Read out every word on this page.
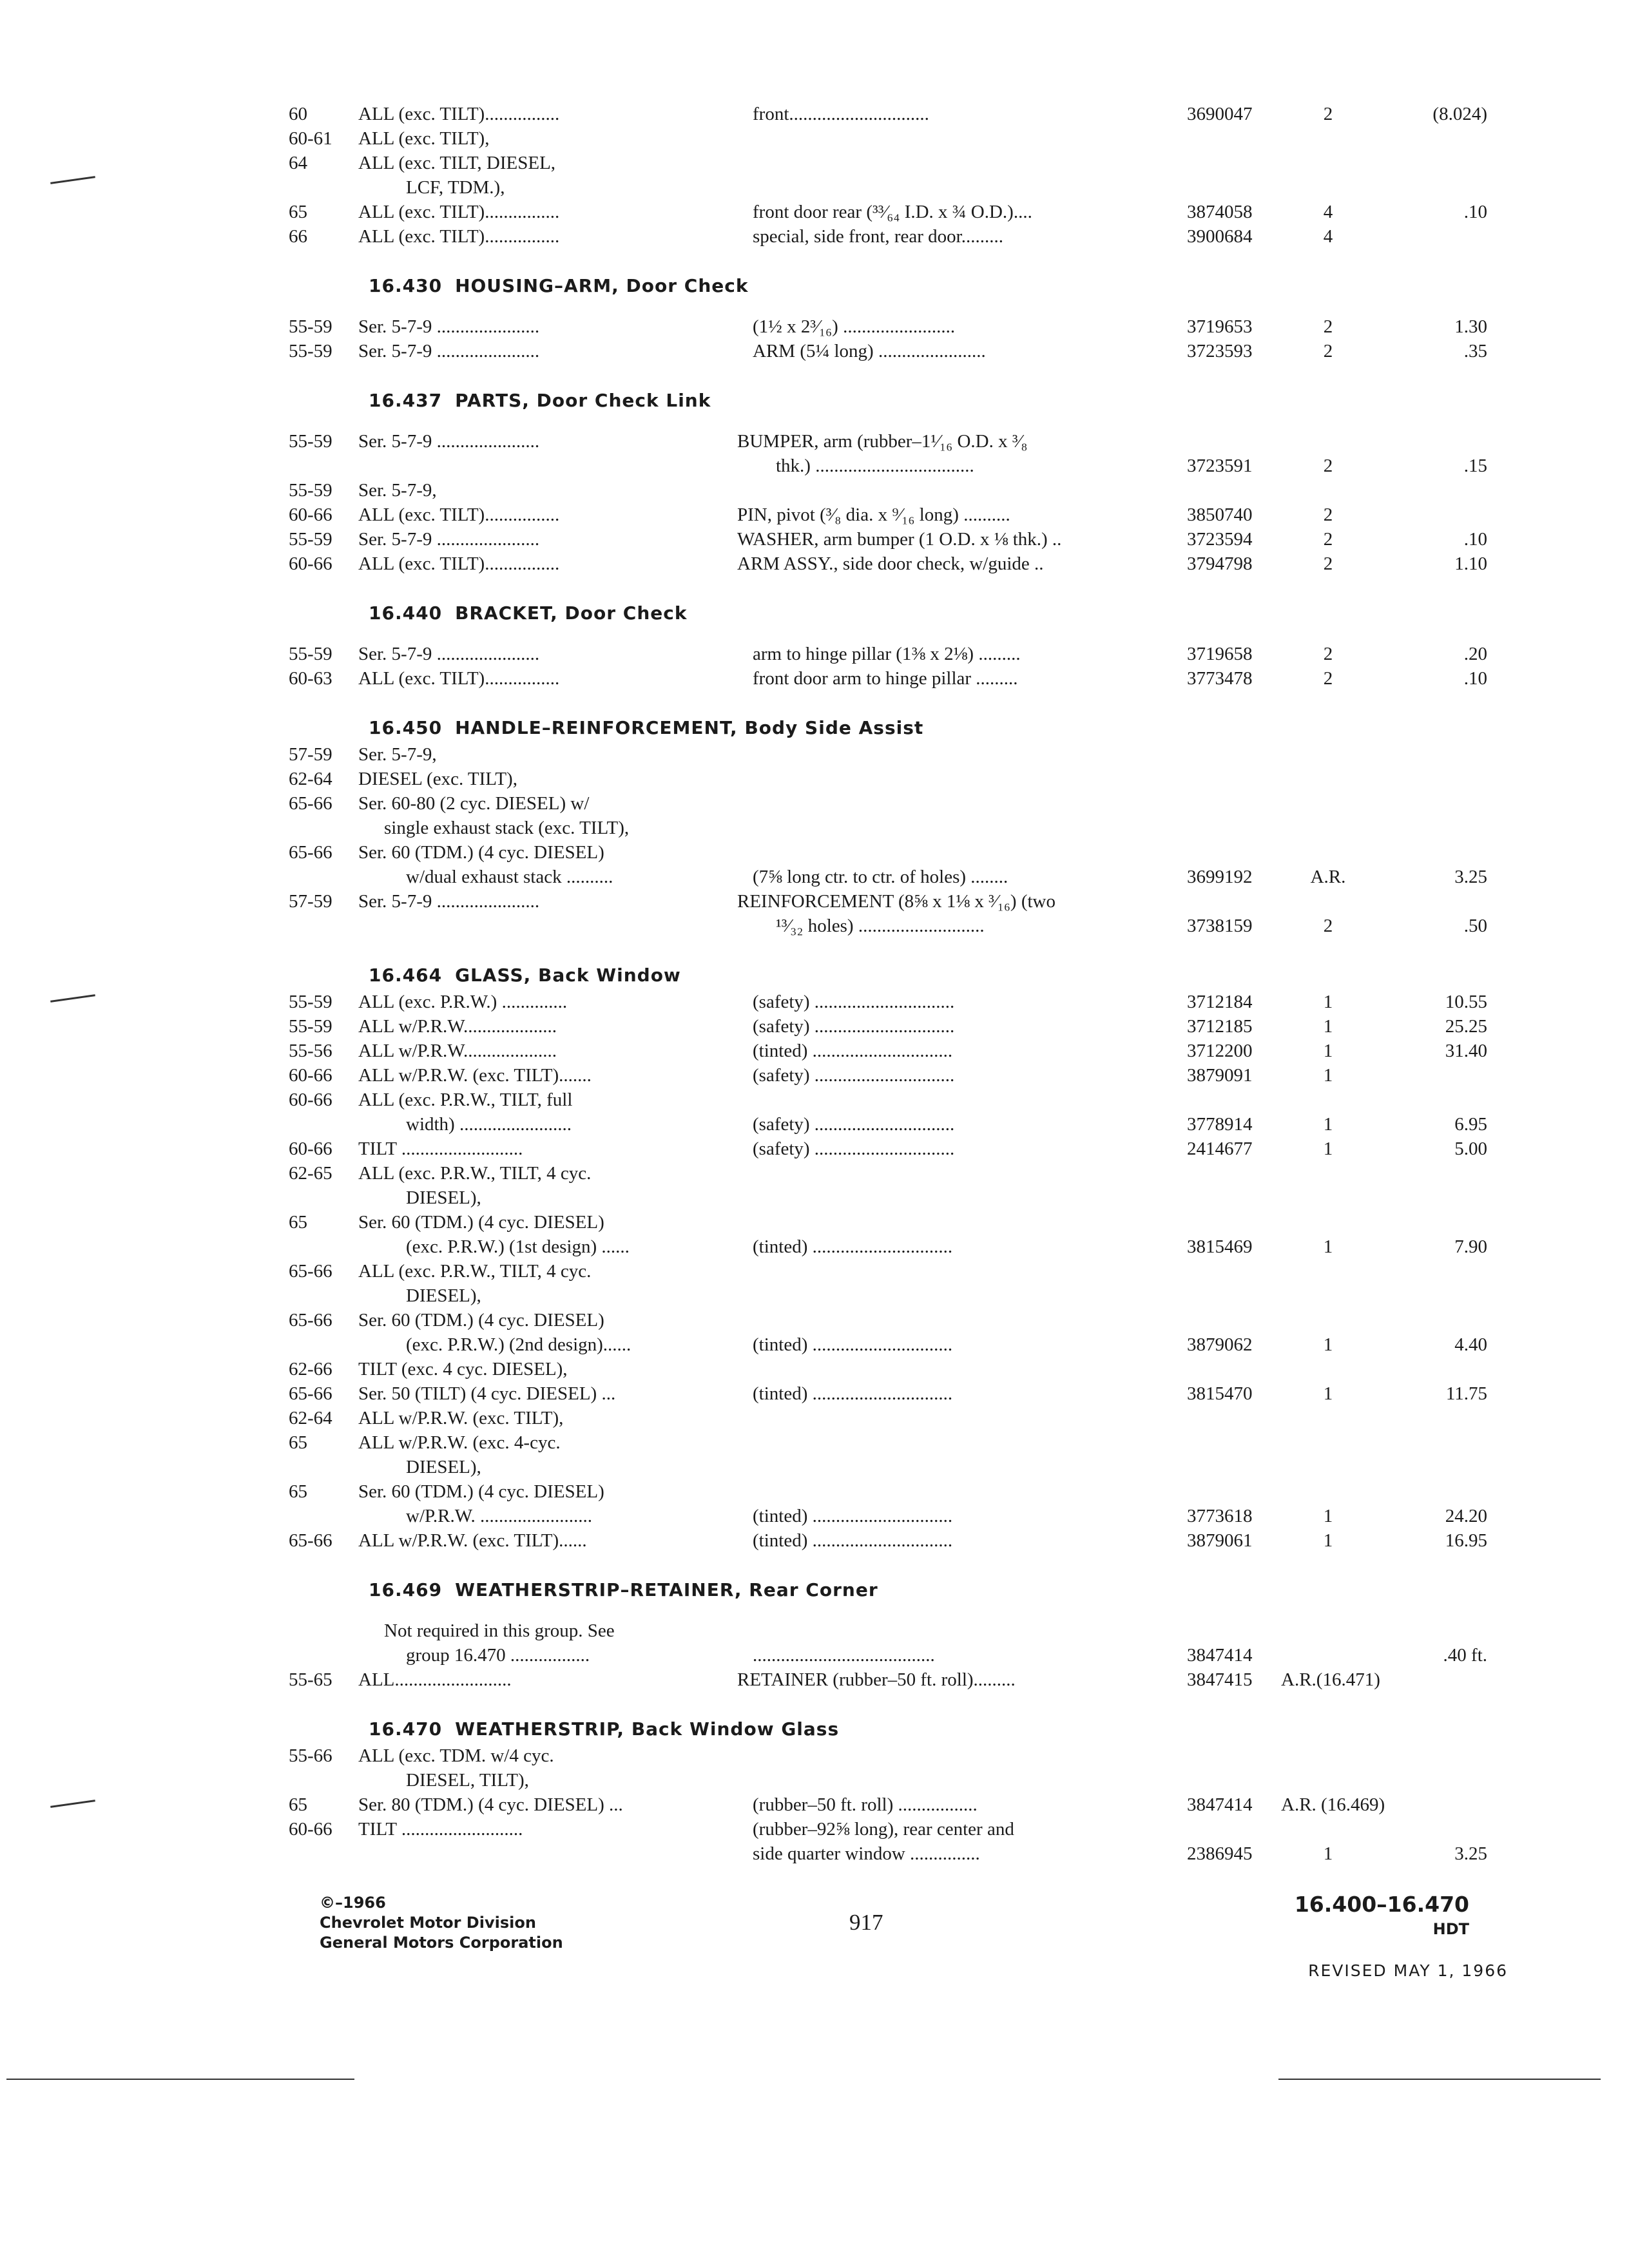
60	ALL (exc. TILT)................	front..............................	3690047	2	(8.024)
60-61 ALL (exc. TILT),
64	ALL (exc. TILT, DIESEL,
LCF, TDM.),
65	ALL (exc. TILT)................	front door rear (³³⁄₆₄ I.D. x ¾ O.D.)....	3874058	4	.10
66	ALL (exc. TILT)................	special, side front, rear door.........	3900684	4
16.430 HOUSING–ARM, Door Check
55-59 Ser. 5-7-9 ......................	(1½ x 2³⁄₁₆) ........................	3719653	2	1.30
55-59 Ser. 5-7-9 ......................	ARM (5¼ long) .......................	3723593	2	.35
16.437 PARTS, Door Check Link
55-59 Ser. 5-7-9 ......................	BUMPER, arm (rubber–1¹⁄₁₆ O.D. x ³⁄₈
thk.) ..................................	3723591	2	.15
55-59 Ser. 5-7-9,
60-66 ALL (exc. TILT)................	PIN, pivot (³⁄₈ dia. x ⁹⁄₁₆ long) ..........	3850740	2
55-59 Ser. 5-7-9 ......................	WASHER, arm bumper (1 O.D. x ⅛ thk.) ..	3723594	2	.10
60-66 ALL (exc. TILT)................	ARM ASSY., side door check, w/guide ..	3794798	2	1.10
16.440 BRACKET, Door Check
55-59 Ser. 5-7-9 ......................	arm to hinge pillar (1⅜ x 2⅛) .........	3719658	2	.20
60-63 ALL (exc. TILT)................	front door arm to hinge pillar .........	3773478	2	.10
16.450 HANDLE–REINFORCEMENT, Body Side Assist
57-59 Ser. 5-7-9,
62-64 DIESEL (exc. TILT),
65-66 Ser. 60-80 (2 cyc. DIESEL) w/
single exhaust stack (exc. TILT),
65-66 Ser. 60 (TDM.) (4 cyc. DIESEL)
w/dual exhaust stack ..........	(7⅝ long ctr. to ctr. of holes) ........	3699192	A.R.	3.25
57-59 Ser. 5-7-9 ......................	REINFORCEMENT (8⅝ x 1⅛ x ³⁄₁₆) (two
¹³⁄₃₂ holes) ...........................	3738159	2	.50
16.464 GLASS, Back Window
55-59 ALL (exc. P.R.W.) ..............	(safety) ..............................	3712184	1	10.55
55-59 ALL w/P.R.W....................	(safety) ..............................	3712185	1	25.25
55-56 ALL w/P.R.W....................	(tinted) ..............................	3712200	1	31.40
60-66 ALL w/P.R.W. (exc. TILT).......	(safety) ..............................	3879091	1
60-66 ALL (exc. P.R.W., TILT, full
width) ........................	(safety) ..............................	3778914	1	6.95
60-66 TILT ..........................	(safety) ..............................	2414677	1	5.00
62-65 ALL (exc. P.R.W., TILT, 4 cyc.
DIESEL),
65	Ser. 60 (TDM.) (4 cyc. DIESEL)
(exc. P.R.W.) (1st design) ......	(tinted) ..............................	3815469	1	7.90
65-66 ALL (exc. P.R.W., TILT, 4 cyc.
DIESEL),
65-66 Ser. 60 (TDM.) (4 cyc. DIESEL)
(exc. P.R.W.) (2nd design)......	(tinted) ..............................	3879062	1	4.40
62-66 TILT (exc. 4 cyc. DIESEL),
65-66 Ser. 50 (TILT) (4 cyc. DIESEL) ...	(tinted) ..............................	3815470	1	11.75
62-64 ALL w/P.R.W. (exc. TILT),
65	ALL w/P.R.W. (exc. 4-cyc.
DIESEL),
65	Ser. 60 (TDM.) (4 cyc. DIESEL)
w/P.R.W. ........................	(tinted) ..............................	3773618	1	24.20
65-66 ALL w/P.R.W. (exc. TILT)......	(tinted) ..............................	3879061	1	16.95
16.469 WEATHERSTRIP–RETAINER, Rear Corner
Not required in this group. See
group 16.470 .................	.......................................	3847414	.40 ft.
55-65 ALL.........................	RETAINER (rubber–50 ft. roll).........	3847415 A.R.(16.471)
16.470 WEATHERSTRIP, Back Window Glass
55-66 ALL (exc. TDM. w/4 cyc.
DIESEL, TILT),
65	Ser. 80 (TDM.) (4 cyc. DIESEL) ...	(rubber–50 ft. roll) .................	3847414 A.R. (16.469)
60-66 TILT ..........................	(rubber–92⅝ long), rear center and
side quarter window ...............	2386945	1	3.25
©–1966
Chevrolet Motor Division
General Motors Corporation
917
16.400–16.470
HDT
REVISED MAY 1, 1966
